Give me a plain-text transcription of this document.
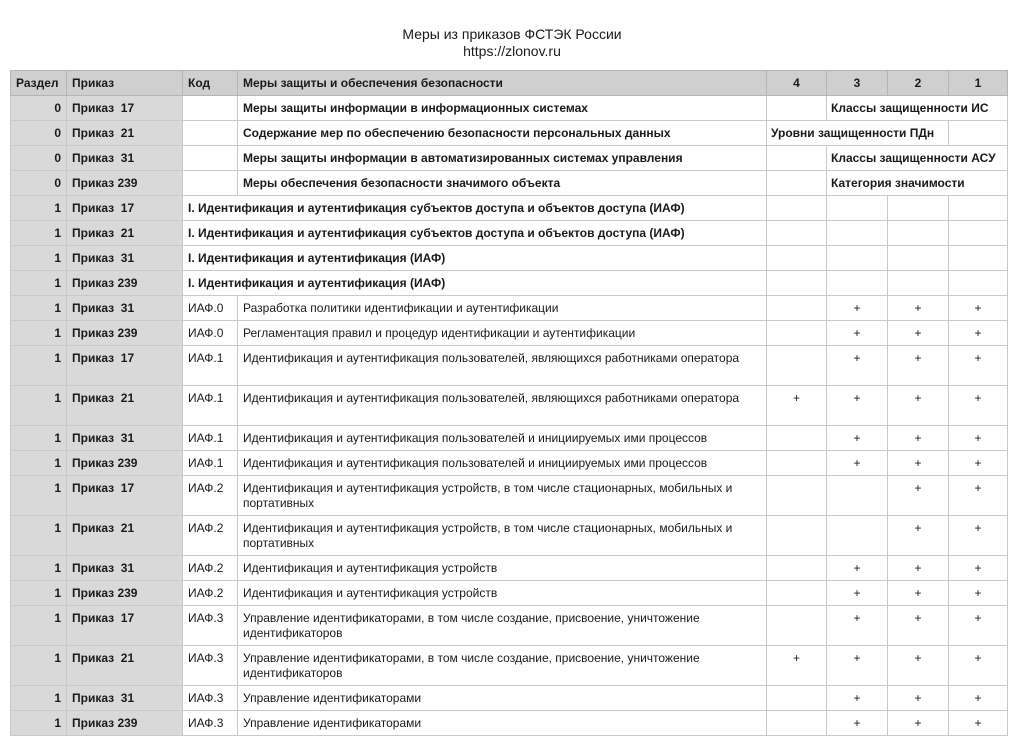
Меры из приказов ФСТЭК России
https://zlonov.ru
Раздел	Приказ	Код	Меры защиты и обеспечения безопасности	4	3	2	1
0	Приказ  17		Меры защиты информации в информационных системах		Классы защищенности ИС		
0	Приказ  21		Содержание мер по обеспечению безопасности персональных данных	Уровни защищенности ПДн			
0	Приказ  31		Меры защиты информации в автоматизированных системах управления		Классы защищенности АСУ		
0	Приказ 239		Меры обеспечения безопасности значимого объекта		Категория значимости		
1	Приказ  17	I. Идентификация и аутентификация субъектов доступа и объектов доступа (ИАФ)					
1	Приказ  21	I. Идентификация и аутентификация субъектов доступа и объектов доступа (ИАФ)					
1	Приказ  31	I. Идентификация и аутентификация (ИАФ)					
1	Приказ 239	I. Идентификация и аутентификация (ИАФ)					
1	Приказ  31	ИАФ.0	Разработка политики идентификации и аутентификации		+	+	+
1	Приказ 239	ИАФ.0	Регламентация правил и процедур идентификации и аутентификации		+	+	+
1	Приказ  17	ИАФ.1	Идентификация и аутентификация пользователей, являющихся работниками оператора		+	+	+
1	Приказ  21	ИАФ.1	Идентификация и аутентификация пользователей, являющихся работниками оператора	+	+	+	+
1	Приказ  31	ИАФ.1	Идентификация и аутентификация пользователей и инициируемых ими процессов		+	+	+
1	Приказ 239	ИАФ.1	Идентификация и аутентификация пользователей и инициируемых ими процессов		+	+	+
1	Приказ  17	ИАФ.2	Идентификация и аутентификация устройств, в том числе стационарных, мобильных и портативных			+	+
1	Приказ  21	ИАФ.2	Идентификация и аутентификация устройств, в том числе стационарных, мобильных и портативных			+	+
1	Приказ  31	ИАФ.2	Идентификация и аутентификация устройств		+	+	+
1	Приказ 239	ИАФ.2	Идентификация и аутентификация устройств		+	+	+
1	Приказ  17	ИАФ.3	Управление идентификаторами, в том числе создание, присвоение, уничтожение идентификаторов		+	+	+
1	Приказ  21	ИАФ.3	Управление идентификаторами, в том числе создание, присвоение, уничтожение идентификаторов	+	+	+	+
1	Приказ  31	ИАФ.3	Управление идентификаторами		+	+	+
1	Приказ 239	ИАФ.3	Управление идентификаторами		+	+	+
